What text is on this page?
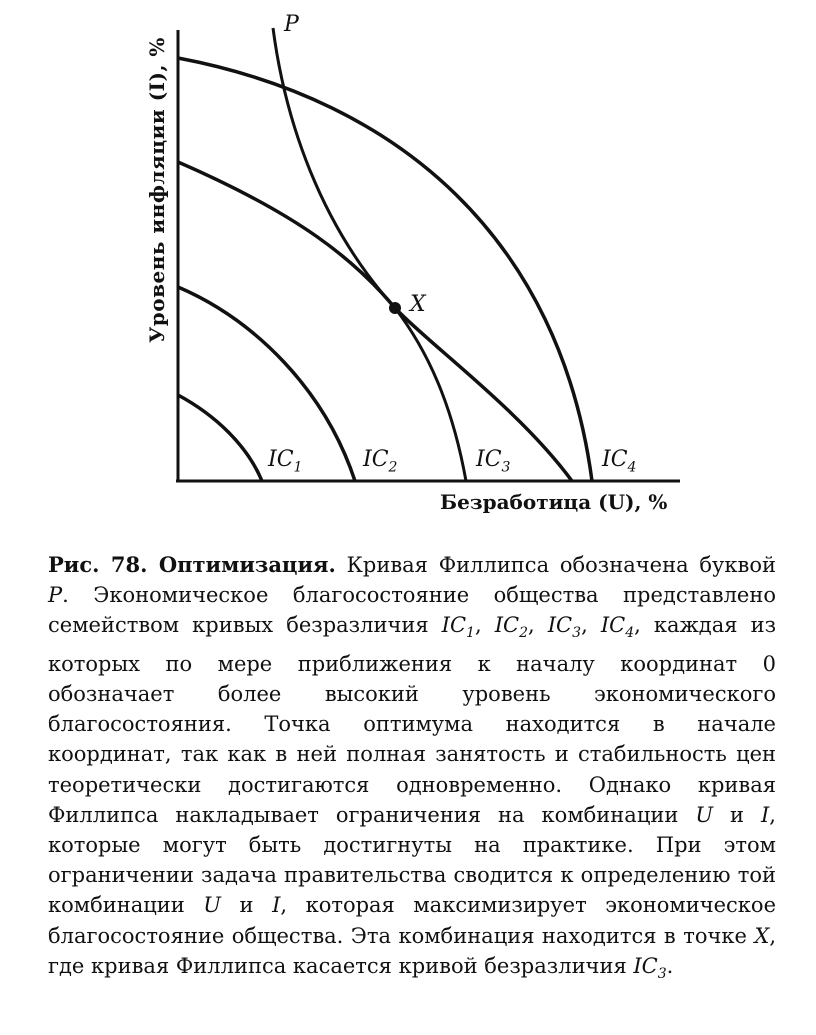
Уровень инфляции (I), %
Безработица (U), %
P
X
$IC_1$	$IC_2$	$IC_3$	$IC_4$
Рис. 78. Оптимизация. Кривая Филлипса обозначена буквой P. Экономическое благосостояние общества представлено семейством кривых безразличия $IC_1$, $IC_2$, $IC_3$, $IC_4$, каждая из которых по мере приближения к началу координат 0 обозначает более высокий уровень экономического благосостояния. Точка оптимума находится в начале координат, так как в ней полная занятость и стабильность цен теоретически достигаются одновременно. Однако кривая Филлипса накладывает ограничения на комбинации U и I, которые могут быть достигнуты на практике. При этом ограничении задача правительства сводится к определению той комбинации U и I, которая максимизирует экономическое благосостояние общества. Эта комбинация находится в точке X, где кривая Филлипса касается кривой безразличия $IC_3$.
